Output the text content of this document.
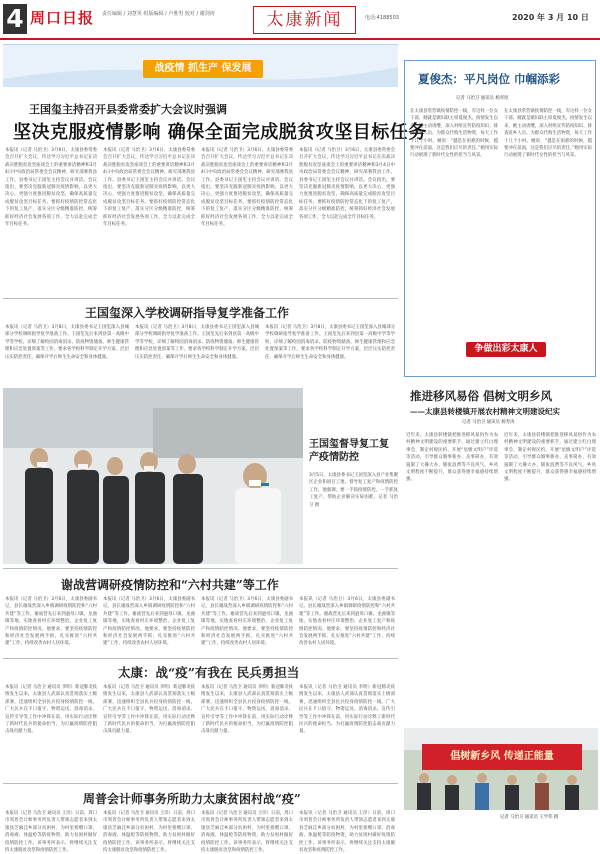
4 周口日报 责任编辑 / 刘慧英 组版编辑 / 卢胜男 校对 / 谢剑涛	太康新闻	电话:4188503	2020 年 3 月 10 日
战疫情 抓生产 保发展
王国玺主持召开县委常委扩大会议时强调
坚决克服疫情影响 确保全面完成脱贫攻坚目标任务
本报讯（记者 马治卫）3月6日，太康县委常委会召开扩大会议，传达学习习近平总书记在决战决胜脱贫攻坚座谈会上的重要讲话精神和3月4日中央政治局常委会会议精神，研究部署我县工作。县委书记王国玺主持会议并讲话。会议指出，要坚决克服新冠肺炎疫情影响，以更大决心、更强力度推进脱贫攻坚，确保高质量完成脱贫攻坚目标任务。要抓好疫情防控常态化下的复工复产，落实分区分级精准防控，统筹抓好经济社会发展各项工作，全力以赴完成全年目标任务。
本报讯（记者 马治卫）3月6日，太康县委常委会召开扩大会议，传达学习习近平总书记在决战决胜脱贫攻坚座谈会上的重要讲话精神和3月4日中央政治局常委会会议精神，研究部署我县工作。县委书记王国玺主持会议并讲话。会议指出，要坚决克服新冠肺炎疫情影响，以更大决心、更强力度推进脱贫攻坚，确保高质量完成脱贫攻坚目标任务。要抓好疫情防控常态化下的复工复产，落实分区分级精准防控，统筹抓好经济社会发展各项工作，全力以赴完成全年目标任务。
本报讯（记者 马治卫）3月6日，太康县委常委会召开扩大会议，传达学习习近平总书记在决战决胜脱贫攻坚座谈会上的重要讲话精神和3月4日中央政治局常委会会议精神，研究部署我县工作。县委书记王国玺主持会议并讲话。会议指出，要坚决克服新冠肺炎疫情影响，以更大决心、更强力度推进脱贫攻坚，确保高质量完成脱贫攻坚目标任务。要抓好疫情防控常态化下的复工复产，落实分区分级精准防控，统筹抓好经济社会发展各项工作，全力以赴完成全年目标任务。
本报讯（记者 马治卫）3月6日，太康县委常委会召开扩大会议，传达学习习近平总书记在决战决胜脱贫攻坚座谈会上的重要讲话精神和3月4日中央政治局常委会会议精神，研究部署我县工作。县委书记王国玺主持会议并讲话。会议指出，要坚决克服新冠肺炎疫情影响，以更大决心、更强力度推进脱贫攻坚，确保高质量完成脱贫攻坚目标任务。要抓好疫情防控常态化下的复工复产，落实分区分级精准防控，统筹抓好经济社会发展各项工作，全力以赴完成全年目标任务。
王国玺深入学校调研指导复学准备工作
本报讯（记者 马治卫）3月8日，太康县委书记王国玺深入县城部分学校调研指导复学准备工作。王国玺先后来到县第一高级中学等学校，详细了解校园消毒消杀、防疫物资储备、师生健康管理和应急处置预案等工作，要求各学校科学制定开学方案，层层压实防控责任，确保开学后师生生命安全和身体健康。
本报讯（记者 马治卫）3月8日，太康县委书记王国玺深入县城部分学校调研指导复学准备工作。王国玺先后来到县第一高级中学等学校，详细了解校园消毒消杀、防疫物资储备、师生健康管理和应急处置预案等工作，要求各学校科学制定开学方案，层层压实防控责任，确保开学后师生生命安全和身体健康。
本报讯（记者 马治卫）3月8日，太康县委书记王国玺深入县城部分学校调研指导复学准备工作。王国玺先后来到县第一高级中学等学校，详细了解校园消毒消杀、防疫物资储备、师生健康管理和应急处置预案等工作，要求各学校科学制定开学方案，层层压实防控责任，确保开学后师生生命安全和身体健康。
王国玺督导复工复产疫情防控
3月5日，太康县委书记王国玺深入县产业集聚区企业和项目工地，督导复工复产和疫情防控工作。他强调，要一手抓疫情防控、一手抓复工复产，帮助企业解决实际困难。记者 马治卫 摄
谢战营调研疫情防控和“六村共建”等工作
本报讯（记者 马治卫）3月6日，太康县委副书记、县长谢战营深入乡镇调研疫情防控和“六村共建”等工作。谢战营先后来到逊母口镇、龙曲镇等地，实地查看村庄环境整治、企业复工复产和疫情防控情况。他要求，要坚持疫情防控和经济社会发展两手抓，扎实推进“六村共建”工作，持续改善农村人居环境。
本报讯（记者 马治卫）3月6日，太康县委副书记、县长谢战营深入乡镇调研疫情防控和“六村共建”等工作。谢战营先后来到逊母口镇、龙曲镇等地，实地查看村庄环境整治、企业复工复产和疫情防控情况。他要求，要坚持疫情防控和经济社会发展两手抓，扎实推进“六村共建”工作，持续改善农村人居环境。
本报讯（记者 马治卫）3月6日，太康县委副书记、县长谢战营深入乡镇调研疫情防控和“六村共建”等工作。谢战营先后来到逊母口镇、龙曲镇等地，实地查看村庄环境整治、企业复工复产和疫情防控情况。他要求，要坚持疫情防控和经济社会发展两手抓，扎实推进“六村共建”工作，持续改善农村人居环境。
本报讯（记者 马治卫）3月6日，太康县委副书记、县长谢战营深入乡镇调研疫情防控和“六村共建”等工作。谢战营先后来到逊母口镇、龙曲镇等地，实地查看村庄环境整治、企业复工复产和疫情防控情况。他要求，要坚持疫情防控和经济社会发展两手抓，扎实推进“六村共建”工作，持续改善农村人居环境。
太康：战“疫”有我在 民兵勇担当
本报讯（记者 马治卫 通讯员 李明）新冠肺炎疫情发生以来，太康县人武部认真贯彻落实上级部署，迅速组织全县民兵投身疫情防控一线，广大民兵在卡口值守、物资运送、消毒消杀、宣传引导等工作中冲锋在前，用实际行动诠释了新时代民兵的使命担当，为打赢疫情防控阻击战贡献力量。
本报讯（记者 马治卫 通讯员 李明）新冠肺炎疫情发生以来，太康县人武部认真贯彻落实上级部署，迅速组织全县民兵投身疫情防控一线，广大民兵在卡口值守、物资运送、消毒消杀、宣传引导等工作中冲锋在前，用实际行动诠释了新时代民兵的使命担当，为打赢疫情防控阻击战贡献力量。
本报讯（记者 马治卫 通讯员 李明）新冠肺炎疫情发生以来，太康县人武部认真贯彻落实上级部署，迅速组织全县民兵投身疫情防控一线，广大民兵在卡口值守、物资运送、消毒消杀、宣传引导等工作中冲锋在前，用实际行动诠释了新时代民兵的使命担当，为打赢疫情防控阻击战贡献力量。
本报讯（记者 马治卫 通讯员 李明）新冠肺炎疫情发生以来，太康县人武部认真贯彻落实上级部署，迅速组织全县民兵投身疫情防控一线，广大民兵在卡口值守、物资运送、消毒消杀、宣传引导等工作中冲锋在前，用实际行动诠释了新时代民兵的使命担当，为打赢疫情防控阻击战贡献力量。
周普会计师事务所助力太康贫困村战“疫”
本报讯（记者 马治卫 通讯员 王洋）日前，周口市周普会计师事务所负责人带领志愿者来到太康县芝麻洼乡部分贫困村，为村里捐赠口罩、消毒液、体温枪等防疫物资，助力贫困村做好疫情防控工作。该事务所表示，将继续关注支持太康脱贫攻坚和疫情防控工作。
本报讯（记者 马治卫 通讯员 王洋）日前，周口市周普会计师事务所负责人带领志愿者来到太康县芝麻洼乡部分贫困村，为村里捐赠口罩、消毒液、体温枪等防疫物资，助力贫困村做好疫情防控工作。该事务所表示，将继续关注支持太康脱贫攻坚和疫情防控工作。
本报讯（记者 马治卫 通讯员 王洋）日前，周口市周普会计师事务所负责人带领志愿者来到太康县芝麻洼乡部分贫困村，为村里捐赠口罩、消毒液、体温枪等防疫物资，助力贫困村做好疫情防控工作。该事务所表示，将继续关注支持太康脱贫攻坚和疫情防控工作。
本报讯（记者 马治卫 通讯员 王洋）日前，周口市周普会计师事务所负责人带领志愿者来到太康县芝麻洼乡部分贫困村，为村里捐赠口罩、消毒液、体温枪等防疫物资，助力贫困村做好疫情防控工作。该事务所表示，将继续关注支持太康脱贫攻坚和疫情防控工作。
夏俊杰：平凡岗位 巾帼添彩
记者 马治卫 通讯员 杨青原
在太康县常营镇疫情防控一线，有这样一位女干部，她就是镇妇联主席夏俊杰。疫情发生以来，她主动请缨，深入村组宣传防疫知识、排查返乡人员、为群众代购生活物资，每天工作十几个小时。她说：“越是在困难的时候，越要冲在前面，这是我们应尽的责任。”她用实际行动展现了新时代女性的担当与风采。
在太康县常营镇疫情防控一线，有这样一位女干部，她就是镇妇联主席夏俊杰。疫情发生以来，她主动请缨，深入村组宣传防疫知识、排查返乡人员、为群众代购生活物资，每天工作十几个小时。她说：“越是在困难的时候，越要冲在前面，这是我们应尽的责任。”她用实际行动展现了新时代女性的担当与风采。
争做出彩太康人
推进移风易俗 倡树文明乡风
——太康县转楼镇开展农村精神文明建设纪实
记者 马治卫 通讯员 杨寿涛
近年来，太康县转楼镇把推进移风易俗作为农村精神文明建设的重要抓手，通过建立红白理事会、制定村规民约、开展“星级文明户”评选等活动，引导群众婚事新办、丧事简办，有效遏制了大操大办、铺张浪费等不良风气，乡风文明程度不断提升，群众获得感幸福感持续增强。
近年来，太康县转楼镇把推进移风易俗作为农村精神文明建设的重要抓手，通过建立红白理事会、制定村规民约、开展“星级文明户”评选等活动，引导群众婚事新办、丧事简办，有效遏制了大操大办、铺张浪费等不良风气，乡风文明程度不断提升，群众获得感幸福感持续增强。
倡树新乡风 传递正能量
记者 马治卫 通讯员 王学伟 摄
